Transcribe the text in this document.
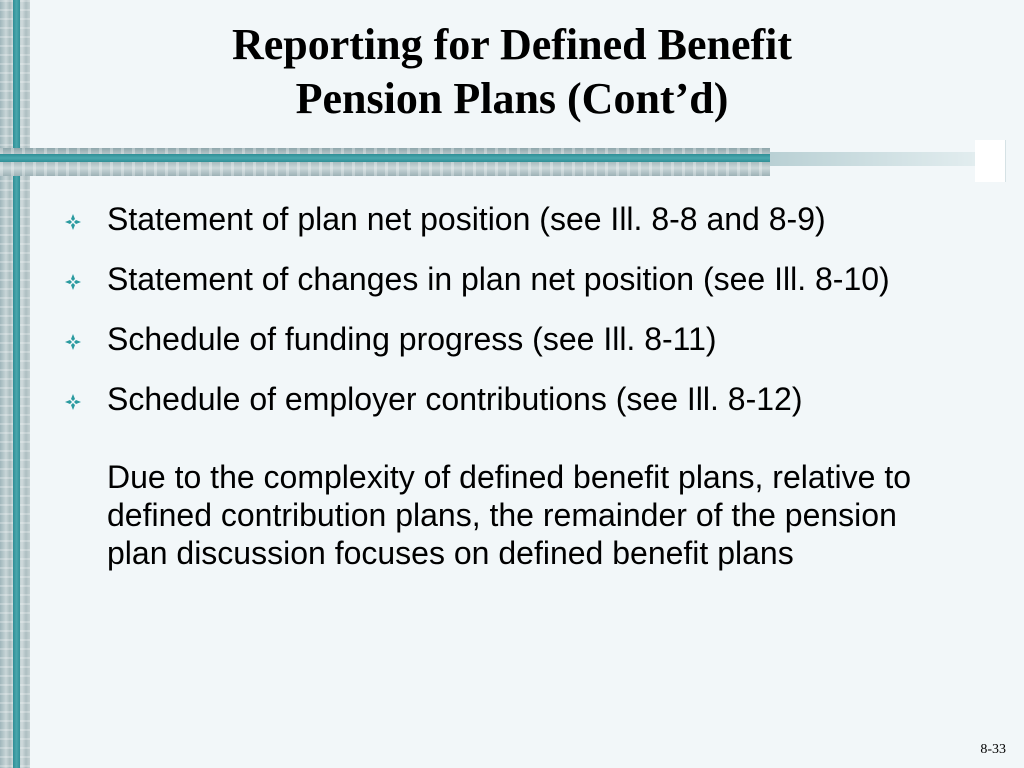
Reporting for Defined Benefit
Pension Plans (Cont’d)
Statement of plan net position (see Ill. 8-8 and 8-9)
Statement of changes in plan net position (see Ill. 8-10)
Schedule of funding progress (see Ill. 8-11)
Schedule of employer contributions (see Ill. 8-12)
Due to the complexity of defined benefit plans, relative to defined contribution plans, the remainder of the pension plan discussion focuses on defined benefit plans
8-33
